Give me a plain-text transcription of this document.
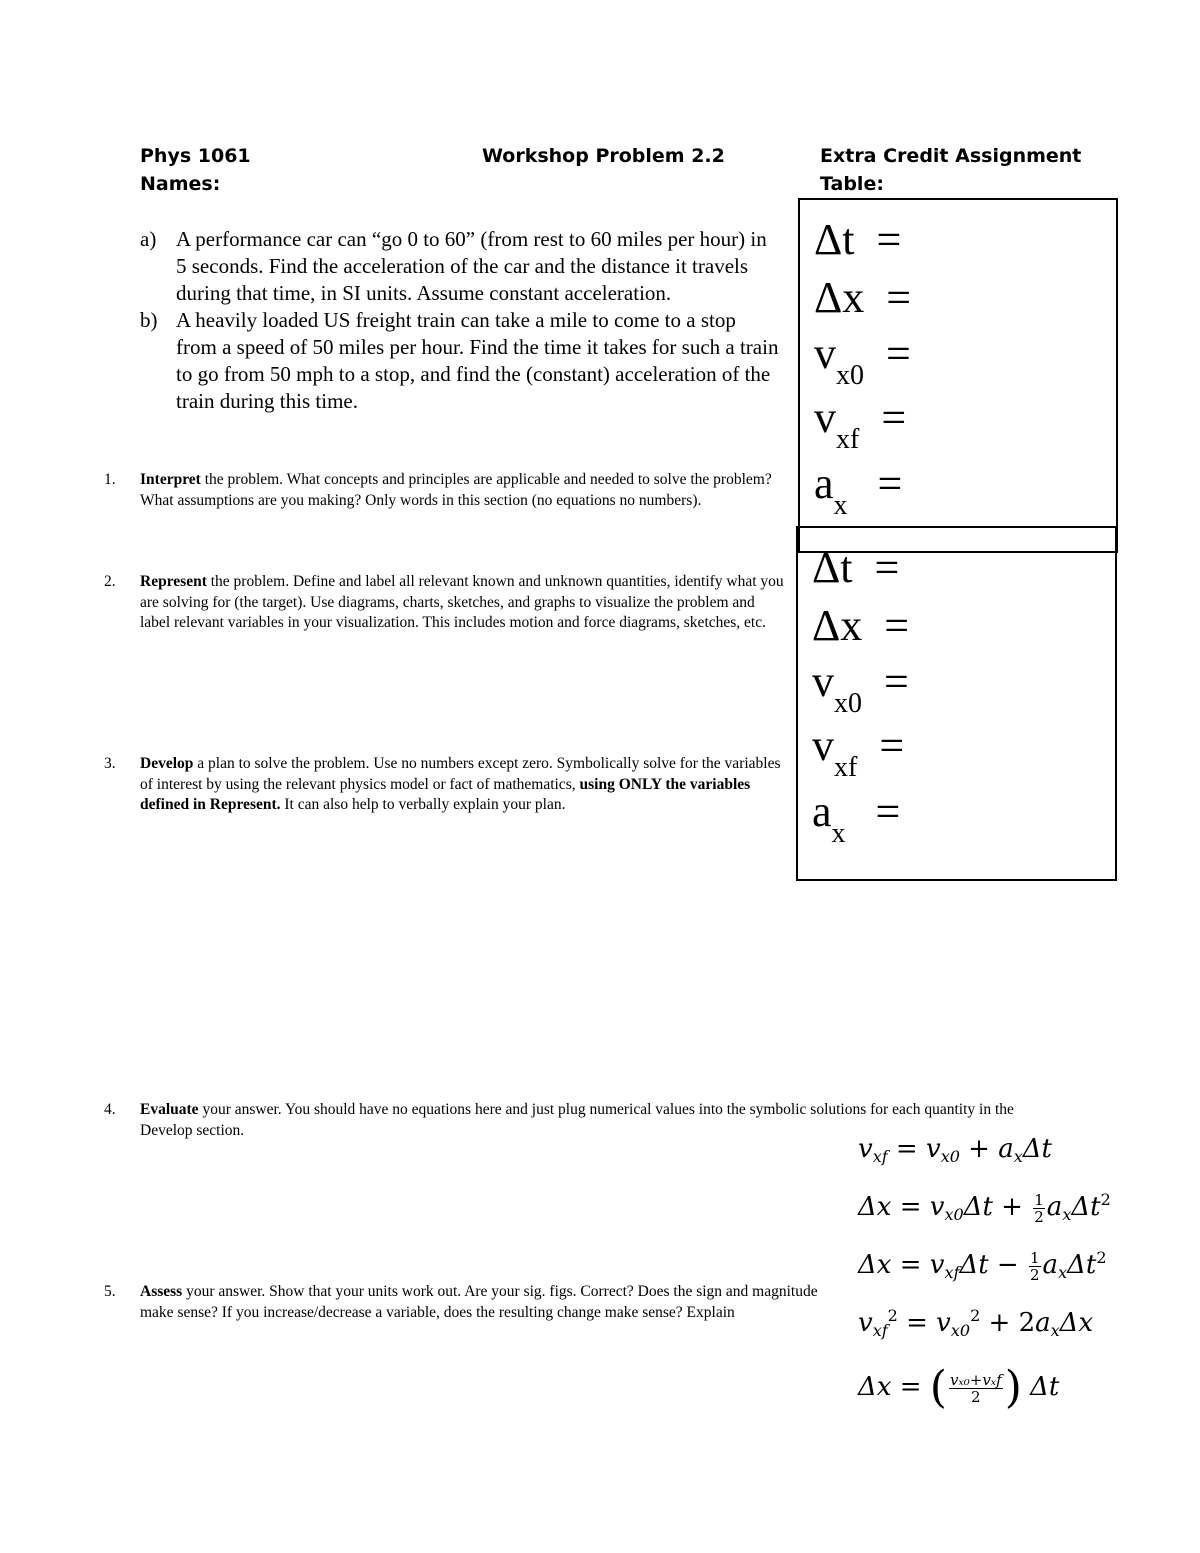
Phys 1061	Workshop Problem 2.2	Extra Credit Assignment
Names:	Table:
a) A performance car can “go 0 to 60” (from rest to 60 miles per hour) in 5 seconds. Find the acceleration of the car and the distance it travels during that time, in SI units. Assume constant acceleration.
b) A heavily loaded US freight train can take a mile to come to a stop from a speed of 50 miles per hour. Find the time it takes for such a train to go from 50 mph to a stop, and find the (constant) acceleration of the train during this time.
1. Interpret the problem. What concepts and principles are applicable and needed to solve the problem? What assumptions are you making? Only words in this section (no equations no numbers).
2. Represent the problem. Define and label all relevant known and unknown quantities, identify what you are solving for (the target). Use diagrams, charts, sketches, and graphs to visualize the problem and label relevant variables in your visualization. This includes motion and force diagrams, sketches, etc.
3. Develop a plan to solve the problem. Use no numbers except zero. Symbolically solve for the variables of interest by using the relevant physics model or fact of mathematics, using ONLY the variables defined in Represent. It can also help to verbally explain your plan.
4. Evaluate your answer. You should have no equations here and just plug numerical values into the symbolic solutions for each quantity in the Develop section.
5. Assess your answer. Show that your units work out. Are your sig. figs. Correct? Does the sign and magnitude make sense? If you increase/decrease a variable, does the resulting change make sense? Explain
Δt =
Δx =
$v_{x0}$ =
$v_{xf}$ =
$a_x$ =
Δt =
Δx =
$v_{x0}$ =
$v_{xf}$ =
$a_x$ =
$v_{xf} = v_{x0} + a_x\Delta t$
$\Delta x = v_{x0}\Delta t + \frac{1}{2} a_x\Delta t^2$
$\Delta x = v_{xf}\Delta t - \frac{1}{2} a_x\Delta t^2$
$v_{xf}^2 = v_{x0}^2 + 2a_x\Delta x$
Δx = ( $\frac{\text{vₓ₀+vₓf}}{2}$ ) Δt
